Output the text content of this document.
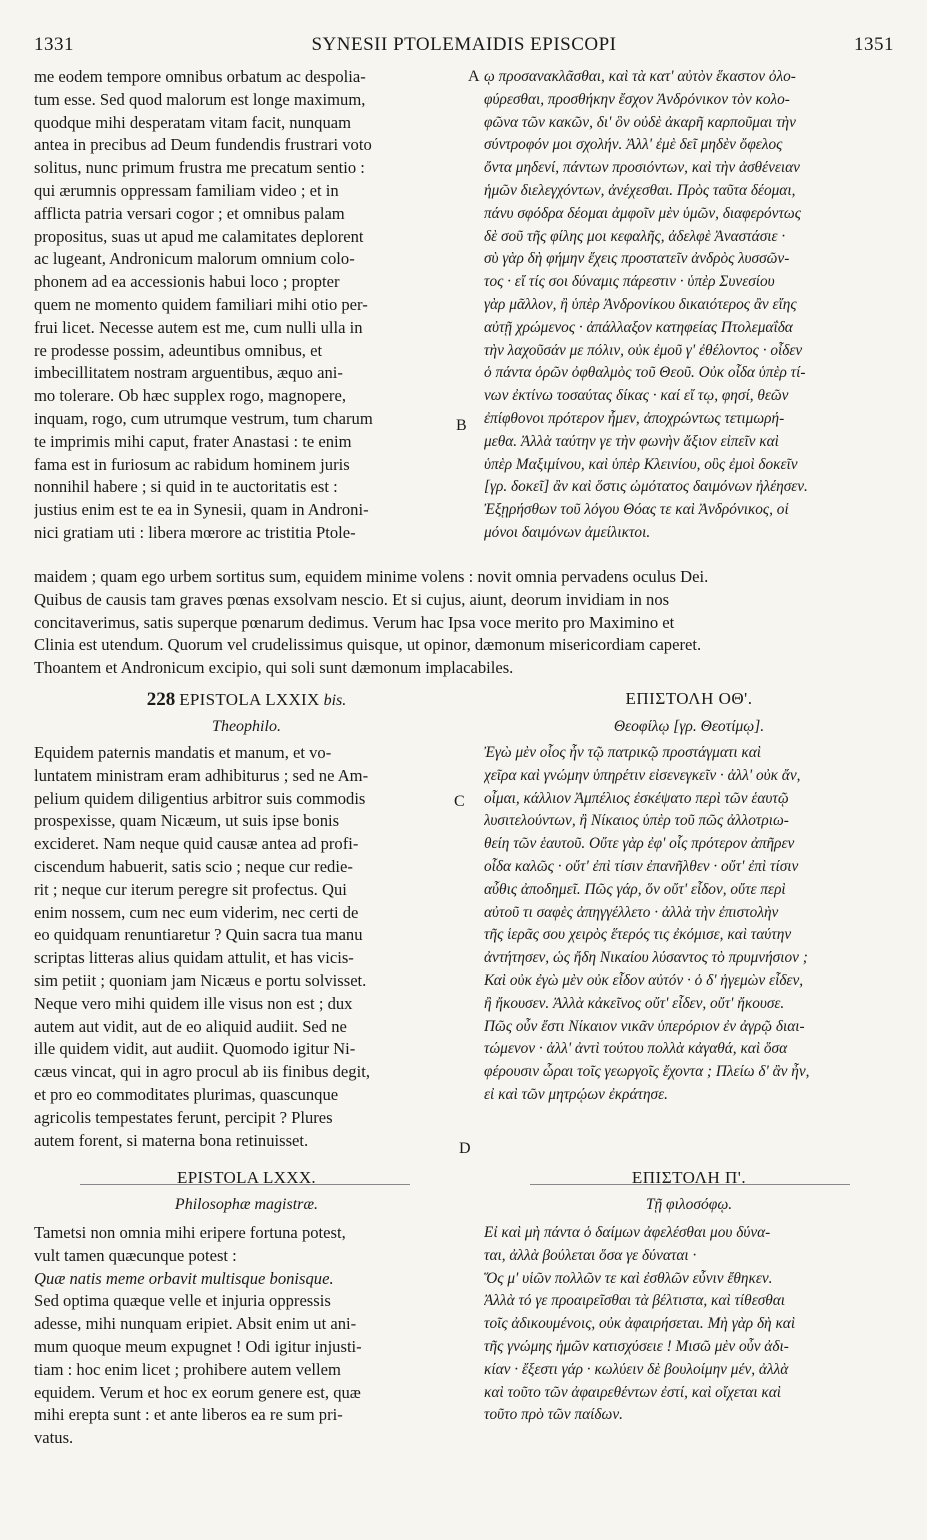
SYNESII PTOLEMAIDIS EPISCOPI
1331	1351
A
B
C
D
me eodem tempore omnibus orbatum ac despolia-
tum esse. Sed quod malorum est longe maximum,
quodque mihi desperatam vitam facit, nunquam
antea in precibus ad Deum fundendis frustrari voto
solitus, nunc primum frustra me precatum sentio :
qui ærumnis oppressam familiam video ; et in
afflicta patria versari cogor ; et omnibus palam
propositus, suas ut apud me calamitates deplorent
ac lugeant, Andronicum malorum omnium colo-
phonem ad ea accessionis habui loco ; propter
quem ne momento quidem familiari mihi otio per-
frui licet. Necesse autem est me, cum nulli ulla in
re prodesse possim, adeuntibus omnibus, et
imbecillitatem nostram arguentibus, æquo ani-
mo tolerare. Ob hæc supplex rogo, magnopere,
inquam, rogo, cum utrumque vestrum, tum charum
te imprimis mihi caput, frater Anastasi : te enim
fama est in furiosum ac rabidum hominem juris
nonnihil habere ; si quid in te auctoritatis est :
justius enim est te ea in Synesii, quam in Androni-
nici gratiam uti : libera mœrore ac tristitia Ptole-
ῳ προσανακλᾶσθαι, καὶ τὰ κατ' αὐτὸν ἕκαστον ὀλο-
φύρεσθαι, προσθήκην ἔσχον Ἀνδρόνικον τὸν κολο-
φῶνα τῶν κακῶν, δι' ὃν οὐδὲ ἀκαρῆ καρποῦμαι τὴν
σύντροφόν μοι σχολήν. Ἀλλ' ἐμὲ δεῖ μηδὲν ὄφελος
ὄντα μηδενί, πάντων προσιόντων, καὶ τὴν ἀσθένειαν
ἡμῶν διελεγχόντων, ἀνέχεσθαι. Πρὸς ταῦτα δέομαι,
πάνυ σφόδρα δέομαι ἀμφοῖν μὲν ὑμῶν, διαφερόντως
δὲ σοῦ τῆς φίλης μοι κεφαλῆς, ἀδελφὲ Ἀναστάσιε ·
σὺ γὰρ δὴ φήμην ἔχεις προστατεῖν ἀνδρὸς λυσσῶν-
τος · εἴ τίς σοι δύναμις πάρεστιν · ὑπὲρ Συνεσίου
γὰρ μᾶλλον, ἢ ὑπὲρ Ἀνδρονίκου δικαιότερος ἂν εἴης
αὐτῇ χρώμενος · ἀπάλλαξον κατηφείας Πτολεμαΐδα
τὴν λαχοῦσάν με πόλιν, οὐκ ἐμοῦ γ' ἐθέλοντος · οἶδεν
ὁ πάντα ὁρῶν ὀφθαλμὸς τοῦ Θεοῦ. Οὐκ οἶδα ὑπὲρ τί-
νων ἐκτίνω τοσαύτας δίκας · καί εἴ τῳ, φησί, θεῶν
ἐπίφθονοι πρότερον ἦμεν, ἀποχρώντως τετιμωρή-
μεθα. Ἀλλὰ ταύτην γε τὴν φωνὴν ἄξιον εἰπεῖν καὶ
ὑπὲρ Μαξιμίνου, καὶ ὑπὲρ Κλεινίου, οὓς ἐμοὶ δοκεῖν
[γρ. δοκεῖ] ἂν καὶ ὅστις ὠμότατος δαιμόνων ἠλέησεν.
Ἐξῃρήσθων τοῦ λόγου Θόας τε καὶ Ἀνδρόνικος, οἱ
μόνοι δαιμόνων ἀμείλικτοι.
maidem ; quam ego urbem sortitus sum, equidem minime volens : novit omnia pervadens oculus Dei.
Quibus de causis tam graves pœnas exsolvam nescio. Et si cujus, aiunt, deorum invidiam in nos
concitaverimus, satis superque pœnarum dedimus. Verum hac Ipsa voce merito pro Maximino et
Clinia est utendum. Quorum vel crudelissimus quisque, ut opinor, dæmonum misericordiam caperet.
Thoantem et Andronicum excipio, qui soli sunt dæmonum implacabiles.
228 EPISTOLA LXXIX bis.
Theophilo.
ΕΠΙΣΤΟΛΗ ΟΘ'.
Θεοφίλῳ [γρ. Θεοτίμῳ].
Equidem paternis mandatis et manum, et vo-
luntatem ministram eram adhibiturus ; sed ne Am-
pelium quidem diligentius arbitror suis commodis
prospexisse, quam Nicæum, ut suis ipse bonis
excideret. Nam neque quid causæ antea ad profi-
ciscendum habuerit, satis scio ; neque cur redie-
rit ; neque cur iterum peregre sit profectus. Qui
enim nossem, cum nec eum viderim, nec certi de
eo quidquam renuntiaretur ? Quin sacra tua manu
scriptas litteras alius quidam attulit, et has vicis-
sim petiit ; quoniam jam Nicæus e portu solvisset.
Neque vero mihi quidem ille visus non est ; dux
autem aut vidit, aut de eo aliquid audiit. Sed ne
ille quidem vidit, aut audiit. Quomodo igitur Ni-
cæus vincat, qui in agro procul ab iis finibus degit,
et pro eo commoditates plurimas, quascunque
agricolis tempestates ferunt, percipit ? Plures
autem forent, si materna bona retinuisset.
Ἐγὼ μὲν οἷος ἦν τῷ πατρικῷ προστάγματι καὶ
χεῖρα καὶ γνώμην ὑπηρέτιν εἰσενεγκεῖν · ἀλλ' οὐκ ἄν,
οἶμαι, κάλλιον Ἀμπέλιος ἐσκέψατο περὶ τῶν ἑαυτῷ
λυσιτελούντων, ἢ Νίκαιος ὑπὲρ τοῦ πῶς ἀλλοτριω-
θείη τῶν ἑαυτοῦ. Οὔτε γὰρ ἐφ' οἷς πρότερον ἀπῆρεν
οἶδα καλῶς · οὔτ' ἐπὶ τίσιν ἐπανῆλθεν · οὔτ' ἐπὶ τίσιν
αὖθις ἀποδημεῖ. Πῶς γάρ, ὅν οὔτ' εἶδον, οὔτε περὶ
αὐτοῦ τι σαφὲς ἀπηγγέλλετο · ἀλλὰ τὴν ἐπιστολὴν
τῆς ἱερᾶς σου χειρὸς ἕτερός τις ἐκόμισε, καὶ ταύτην
ἀντήτησεν, ὡς ἤδη Νικαίου λύσαντος τὸ πρυμνήσιον ;
Καὶ οὐκ ἐγὼ μὲν οὐκ εἶδον αὐτόν · ὁ δ' ἡγεμὼν εἶδεν,
ἢ ἤκουσεν. Ἀλλὰ κἀκεῖνος οὔτ' εἶδεν, οὔτ' ἤκουσε.
Πῶς οὖν ἔστι Νίκαιον νικᾶν ὑπερόριον ἐν ἀγρῷ διαι-
τώμενον · ἀλλ' ἀντὶ τούτου πολλὰ κἀγαθά, καὶ ὅσα
φέρουσιν ὧραι τοῖς γεωργοῖς ἔχοντα ; Πλείω δ' ἂν ἦν,
εἰ καὶ τῶν μητρῴων ἐκράτησε.
EPISTOLA LXXX.
Philosophæ magistræ.
ΕΠΙΣΤΟΛΗ Π'.
Τῇ φιλοσόφῳ.
Tametsi non omnia mihi eripere fortuna potest,
vult tamen quæcunque potest :
Quæ natis meme orbavit multisque bonisque.
Sed optima quæque velle et injuria oppressis
adesse, mihi nunquam eripiet. Absit enim ut ani-
mum quoque meum expugnet ! Odi igitur injusti-
tiam : hoc enim licet ; prohibere autem vellem
equidem. Verum et hoc ex eorum genere est, quæ
mihi erepta sunt : et ante liberos ea re sum pri-
vatus.
Εἰ καὶ μὴ πάντα ὁ δαίμων ἀφελέσθαι μου δύνα-
ται, ἀλλὰ βούλεται ὅσα γε δύναται ·
Ὅς μ' υἱῶν πολλῶν τε καὶ ἐσθλῶν εὖνιν ἔθηκεν.
Ἀλλὰ τό γε προαιρεῖσθαι τὰ βέλτιστα, καὶ τίθεσθαι
τοῖς ἀδικουμένοις, οὐκ ἀφαιρήσεται. Μὴ γὰρ δὴ καὶ
τῆς γνώμης ἡμῶν κατισχύσειε ! Μισῶ μὲν οὖν ἀδι-
κίαν · ἔξεστι γάρ · κωλύειν δὲ βουλοίμην μέν, ἀλλὰ
καὶ τοῦτο τῶν ἀφαιρεθέντων ἐστί, καὶ οἴχεται καὶ
τοῦτο πρὸ τῶν παίδων.
